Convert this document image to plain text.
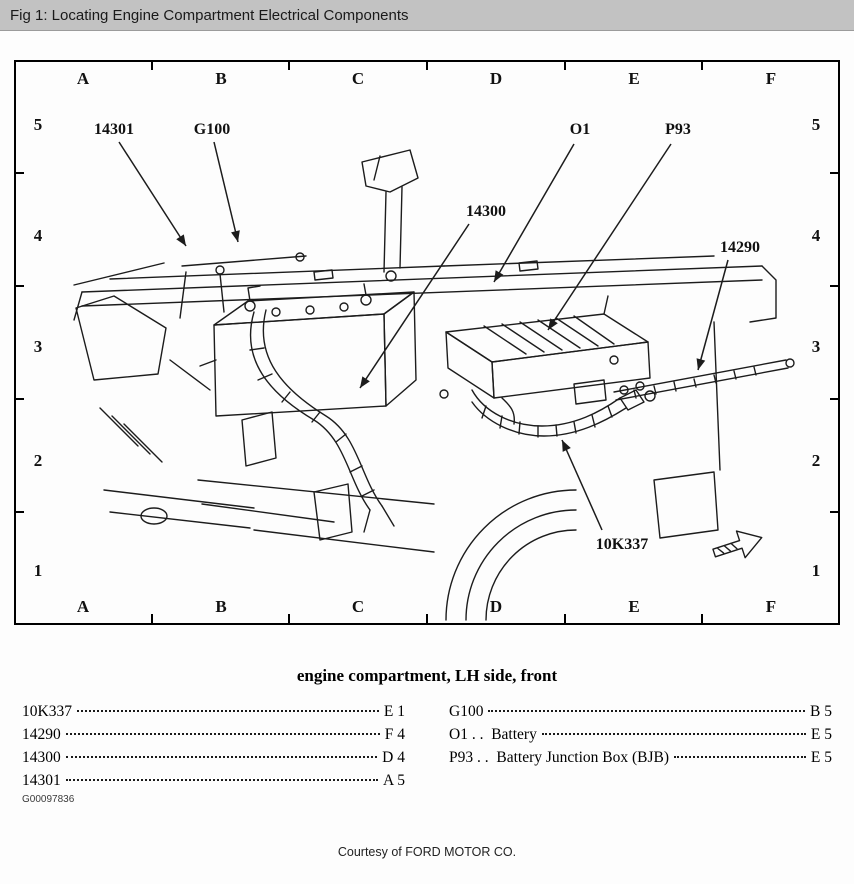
Fig 1: Locating Engine Compartment Electrical Components
A	B	C	D	E	F
A	B	C	D	E	F
5
4
3
2
1
5
4
3
2
1
14301	G100	O1	P93
14300
14290
10K337
engine compartment, LH side, front
10K337	E 1
14290	F 4
14300	D 4
14301	A 5
G100	B 5
O1 . .  Battery	E 5
P93 . .  Battery Junction Box (BJB)	E 5
G00097836
Courtesy of FORD MOTOR CO.
